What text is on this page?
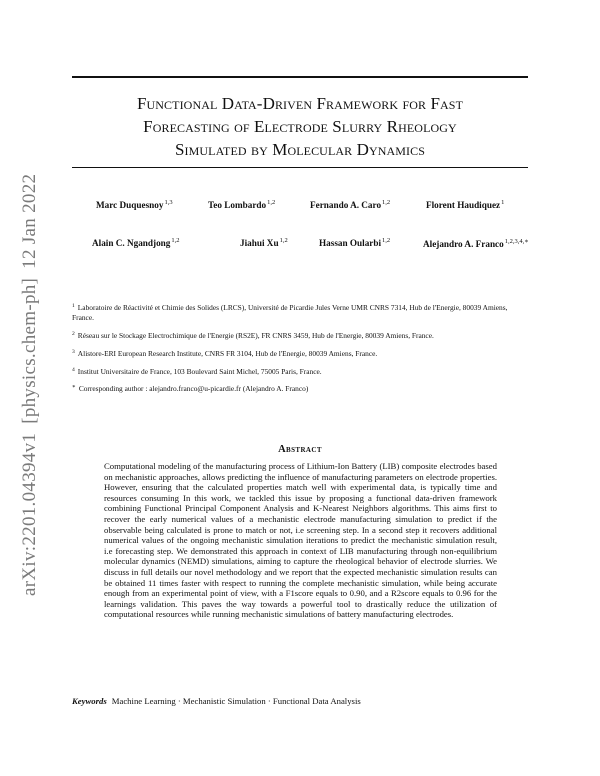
arXiv:2201.04394v1[physics.chem-ph]12 Jan 2022
Functional Data-Driven Framework for Fast
Forecasting of Electrode Slurry Rheology
Simulated by Molecular Dynamics
Marc Duquesnoy$^{1,3}$	Teo Lombardo$^{1,2}$	Fernando A. Caro$^{1,2}$	Florent Haudiquez$^1$
Alain C. Ngandjong$^{1,2}$	Jiahui Xu$^{1,2}$	Hassan Oularbi$^{1,2}$	Alejandro A. Franco$^{1,2,3,4,∗}$
$^1$ Laboratoire de Réactivité et Chimie des Solides (LRCS), Université de Picardie Jules Verne UMR CNRS 7314, Hub de l'Energie, 80039 Amiens, France.
$^2$ Réseau sur le Stockage Electrochimique de l'Energie (RS2E), FR CNRS 3459, Hub de l'Energie, 80039 Amiens, France.
$^3$ Alistore-ERI European Research Institute, CNRS FR 3104, Hub de l'Energie, 80039 Amiens, France.
$^4$ Institut Universitaire de France, 103 Boulevard Saint Michel, 75005 Paris, France.
∗ Corresponding author : alejandro.franco@u-picardie.fr (Alejandro A. Franco)
Abstract
Computational modeling of the manufacturing process of Lithium-Ion Battery (LIB) composite electrodes based on mechanistic approaches, allows predicting the influence of manufacturing parameters on electrode properties. However, ensuring that the calculated properties match well with experimental data, is typically time and resources consuming In this work, we tackled this issue by proposing a functional data-driven framework combining Functional Principal Component Analysis and K-Nearest Neighbors algorithms. This aims first to recover the early numerical values of a mechanistic electrode manufacturing simulation to predict if the observable being calculated is prone to match or not, i.e screening step. In a second step it recovers additional numerical values of the ongoing mechanistic simulation iterations to predict the mechanistic simulation result, i.e forecasting step. We demonstrated this approach in context of LIB manufacturing through non-equilibrium molecular dynamics (NEMD) simulations, aiming to capture the rheological behavior of electrode slurries. We discuss in full details our novel methodology and we report that the expected mechanistic simulation results can be obtained 11 times faster with respect to running the complete mechanistic simulation, while being accurate enough from an experimental point of view, with a F1score equals to 0.90, and a R2score equals to 0.96 for the learnings validation. This paves the way towards a powerful tool to drastically reduce the utilization of computational resources while running mechanistic simulations of battery manufacturing electrodes.
Keywords Machine Learning · Mechanistic Simulation · Functional Data Analysis
